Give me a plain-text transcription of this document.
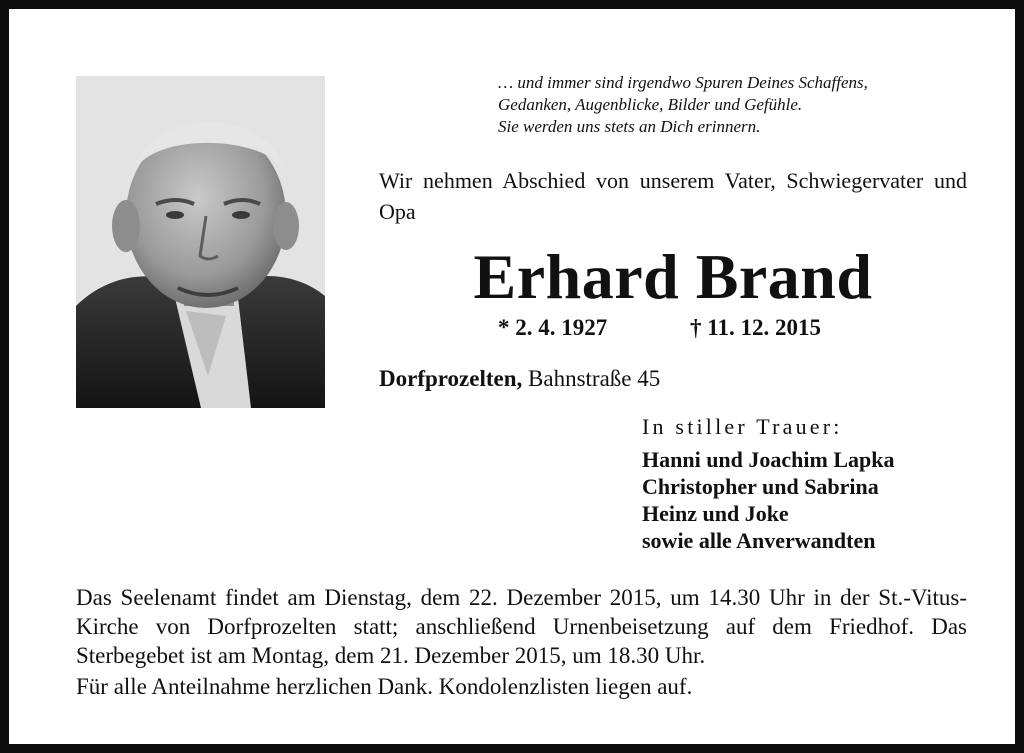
… und immer sind irgendwo Spuren Deines Schaffens,
Gedanken, Augenblicke, Bilder und Gefühle.
Sie werden uns stets an Dich erinnern.
Wir nehmen Abschied von unserem Vater, Schwiegervater und Opa
Erhard Brand
* 2. 4. 1927	† 11. 12. 2015
Dorfprozelten, Bahnstraße 45
In stiller Trauer:
Hanni und Joachim Lapka
Christopher und Sabrina
Heinz und Joke
sowie alle Anverwandten
Das Seelenamt findet am Dienstag, dem 22. Dezember 2015, um 14.30 Uhr in der St.-Vitus-Kirche von Dorfprozelten statt; anschließend Urnenbeisetzung auf dem Friedhof. Das Sterbegebet ist am Montag, dem 21. Dezember 2015, um 18.30 Uhr.
Für alle Anteilnahme herzlichen Dank. Kondolenzlisten liegen auf.
